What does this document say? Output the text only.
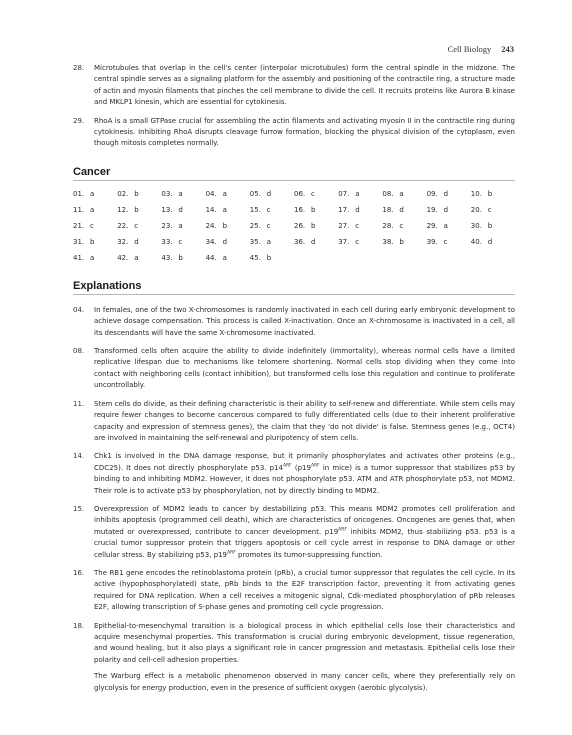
Cell Biology 243
28.	Microtubules that overlap in the cell's center (interpolar microtubules) form the central spindle in the midzone. The central spindle serves as a signaling platform for the assembly and positioning of the contractile ring, a structure made of actin and myosin filaments that pinches the cell membrane to divide the cell. It recruits proteins like Aurora B kinase and MKLP1 kinesin, which are essential for cytokinesis.

29.	RhoA is a small GTPase crucial for assembling the actin filaments and activating myosin II in the contractile ring during cytokinesis. Inhibiting RhoA disrupts cleavage furrow formation, blocking the physical division of the cytoplasm, even though mitosis completes normally.

Cancer
01. a	02. b	03. a	04. a	05. d	06. c	07. a	08. a	09. d	10. b
11. a	12. b	13. d	14. a	15. c	16. b	17. d	18. d	19. d	20. c
21. c	22. c	23. a	24. b	25. c	26. b	27. c	28. c	29. a	30. b
31. b	32. d	33. c	34. d	35. a	36. d	37. c	38. b	39. c	40. d
41. a	42. a	43. b	44. a	45. b
Explanations
04.	In females, one of the two X-chromosomes is randomly inactivated in each cell during early embryonic development to achieve dosage compensation. This process is called X-inactivation. Once an X-chromosome is inactivated in a cell, all its descendants will have the same X-chromosome inactivated.

08.	Transformed cells often acquire the ability to divide indefinitely (immortality), whereas normal cells have a limited replicative lifespan due to mechanisms like telomere shortening. Normal cells stop dividing when they come into contact with neighboring cells (contact inhibition), but transformed cells lose this regulation and continue to proliferate uncontrollably.

11.	Stem cells do divide, as their defining characteristic is their ability to self-renew and differentiate. While stem cells may require fewer changes to become cancerous compared to fully differentiated cells (due to their inherent proliferative capacity and expression of stemness genes), the claim that they 'do not divide' is false. Stemness genes (e.g., OCT4) are involved in maintaining the self-renewal and pluripotency of stem cells.

14.	Chk1 is involved in the DNA damage response, but it primarily phosphorylates and activates other proteins (e.g., CDC25). It does not directly phosphorylate p53. $p14^{ARF}$ ($p19^{ARF}$ in mice) is a tumor suppressor that stabilizes p53 by binding to and inhibiting MDM2. However, it does not phosphorylate p53. ATM and ATR phosphorylate p53, not MDM2. Their role is to activate p53 by phosphorylation, not by directly binding to MDM2.

15.	Overexpression of MDM2 leads to cancer by destabilizing p53. This means MDM2 promotes cell proliferation and inhibits apoptosis (programmed cell death), which are characteristics of oncogenes. Oncogenes are genes that, when mutated or overexpressed, contribute to cancer development. $p19^{ARF}$ inhibits MDM2, thus stabilizing p53. p53 is a crucial tumor suppressor protein that triggers apoptosis or cell cycle arrest in response to DNA damage or other cellular stress. By stabilizing p53, $p19^{ARF}$ promotes its tumor-suppressing function.

16.	The RB1 gene encodes the retinoblastoma protein (pRb), a crucial tumor suppressor that regulates the cell cycle. In its active (hypophosphorylated) state, pRb binds to the E2F transcription factor, preventing it from activating genes required for DNA replication. When a cell receives a mitogenic signal, Cdk-mediated phosphorylation of pRb releases E2F, allowing transcription of S-phase genes and promoting cell cycle progression.

18.	Epithelial-to-mesenchymal transition is a biological process in which epithelial cells lose their characteristics and acquire mesenchymal properties. This transformation is crucial during embryonic development, tissue regeneration, and wound healing, but it also plays a significant role in cancer progression and metastasis. Epithelial cells lose their polarity and cell-cell adhesion properties.

The Warburg effect is a metabolic phenomenon observed in many cancer cells, where they preferentially rely on glycolysis for energy production, even in the presence of sufficient oxygen (aerobic glycolysis).
